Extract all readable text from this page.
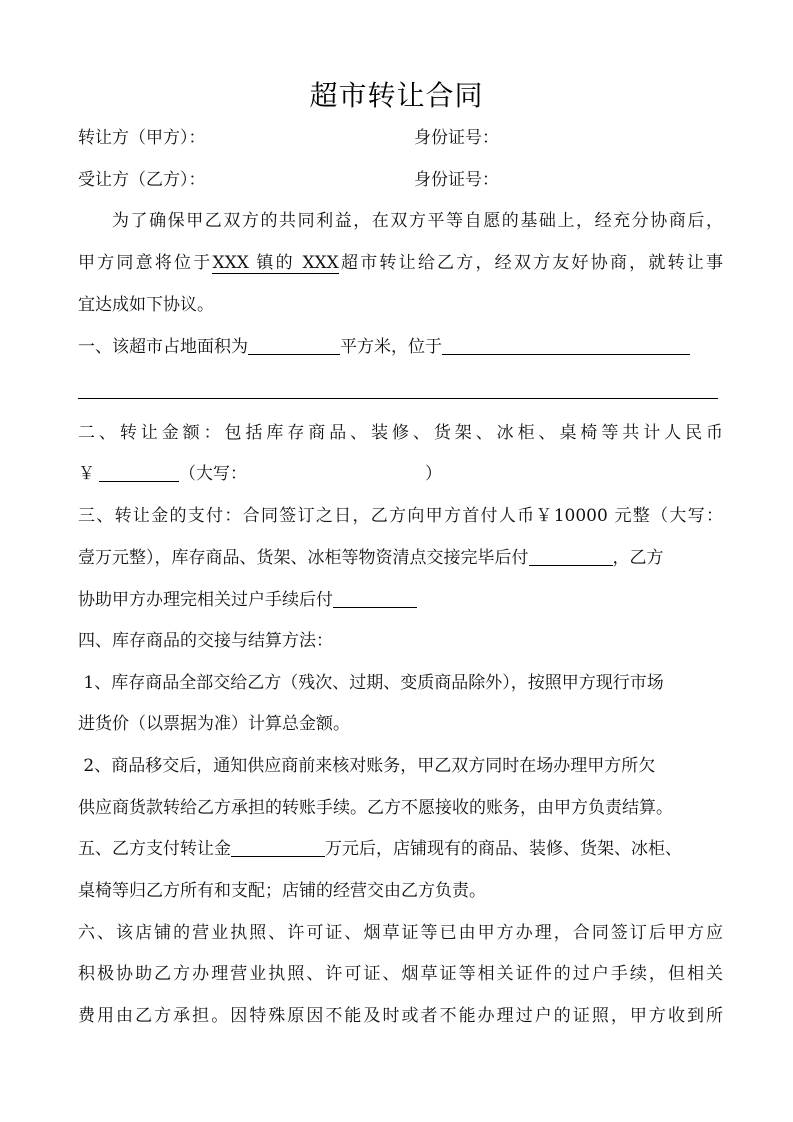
超市转让合同
转让方（甲方）：	身份证号：
受让方（乙方）：	身份证号：
为了确保甲乙双方的共同利益，在双方平等自愿的基础上，经充分协商后，
甲方同意将位于XXX 镇的 XXX超市转让给乙方，经双方友好协商，就转让事
宜达成如下协议。
一、该超市占地面积为	平方米，位于
二、转让金额：包括库存商品、装修、货架、冰柜、桌椅等共计人民币
￥	（大写：	）
三、转让金的支付：合同签订之日，乙方向甲方首付人币￥10000 元整（大写：
壹万元整），库存商品、货架、冰柜等物资清点交接完毕后付	，乙方
协助甲方办理完相关过户手续后付
四、库存商品的交接与结算方法：
1、库存商品全部交给乙方（残次、过期、变质商品除外），按照甲方现行市场
进货价（以票据为准）计算总金额。
2、商品移交后，通知供应商前来核对账务，甲乙双方同时在场办理甲方所欠
供应商货款转给乙方承担的转账手续。乙方不愿接收的账务，由甲方负责结算。
五、乙方支付转让金	万元后，店铺现有的商品、装修、货架、冰柜、
桌椅等归乙方所有和支配；店铺的经营交由乙方负责。
六、该店铺的营业执照、许可证、烟草证等已由甲方办理，合同签订后甲方应
积极协助乙方办理营业执照、许可证、烟草证等相关证件的过户手续，但相关
费用由乙方承担。因特殊原因不能及时或者不能办理过户的证照，甲方收到所
